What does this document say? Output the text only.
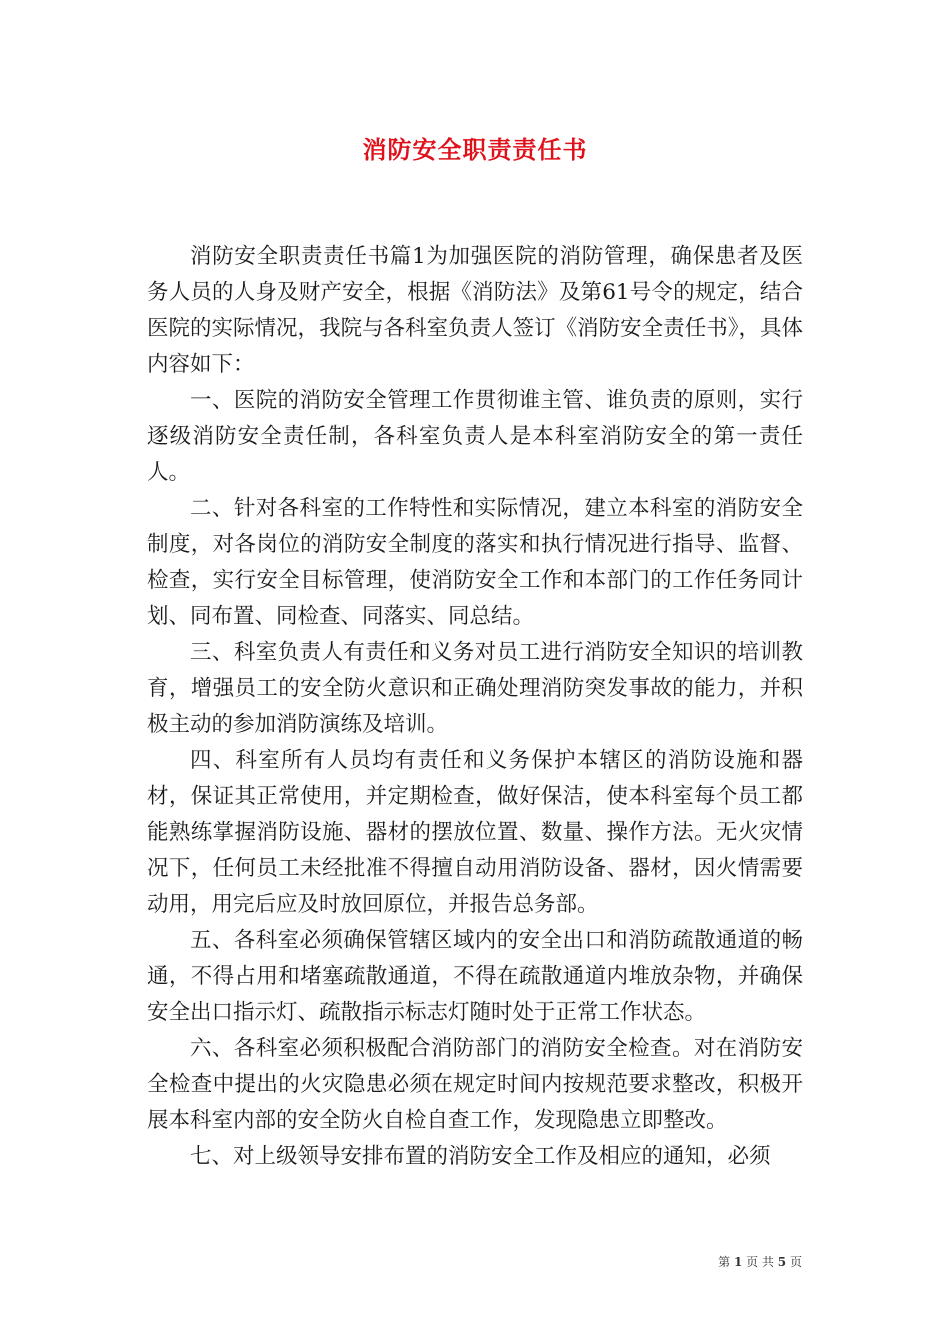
消防安全职责责任书

消防安全职责责任书篇1为加强医院的消防管理，确保患者及医务人员的人身及财产安全，根据《消防法》及第61号令的规定，结合医院的实际情况，我院与各科室负责人签订《消防安全责任书》，具体内容如下：

一、医院的消防安全管理工作贯彻谁主管、谁负责的原则，实行逐级消防安全责任制，各科室负责人是本科室消防安全的第一责任人。

二、针对各科室的工作特性和实际情况，建立本科室的消防安全制度，对各岗位的消防安全制度的落实和执行情况进行指导、监督、检查，实行安全目标管理，使消防安全工作和本部门的工作任务同计划、同布置、同检查、同落实、同总结。

三、科室负责人有责任和义务对员工进行消防安全知识的培训教育，增强员工的安全防火意识和正确处理消防突发事故的能力，并积极主动的参加消防演练及培训。

四、科室所有人员均有责任和义务保护本辖区的消防设施和器材，保证其正常使用，并定期检查，做好保洁，使本科室每个员工都能熟练掌握消防设施、器材的摆放位置、数量、操作方法。无火灾情况下，任何员工未经批准不得擅自动用消防设备、器材，因火情需要动用，用完后应及时放回原位，并报告总务部。

五、各科室必须确保管辖区域内的安全出口和消防疏散通道的畅通，不得占用和堵塞疏散通道，不得在疏散通道内堆放杂物，并确保安全出口指示灯、疏散指示标志灯随时处于正常工作状态。

六、各科室必须积极配合消防部门的消防安全检查。对在消防安全检查中提出的火灾隐患必须在规定时间内按规范要求整改，积极开展本科室内部的安全防火自检自查工作，发现隐患立即整改。

七、对上级领导安排布置的消防安全工作及相应的通知，必须

第 1 页 共 5 页
